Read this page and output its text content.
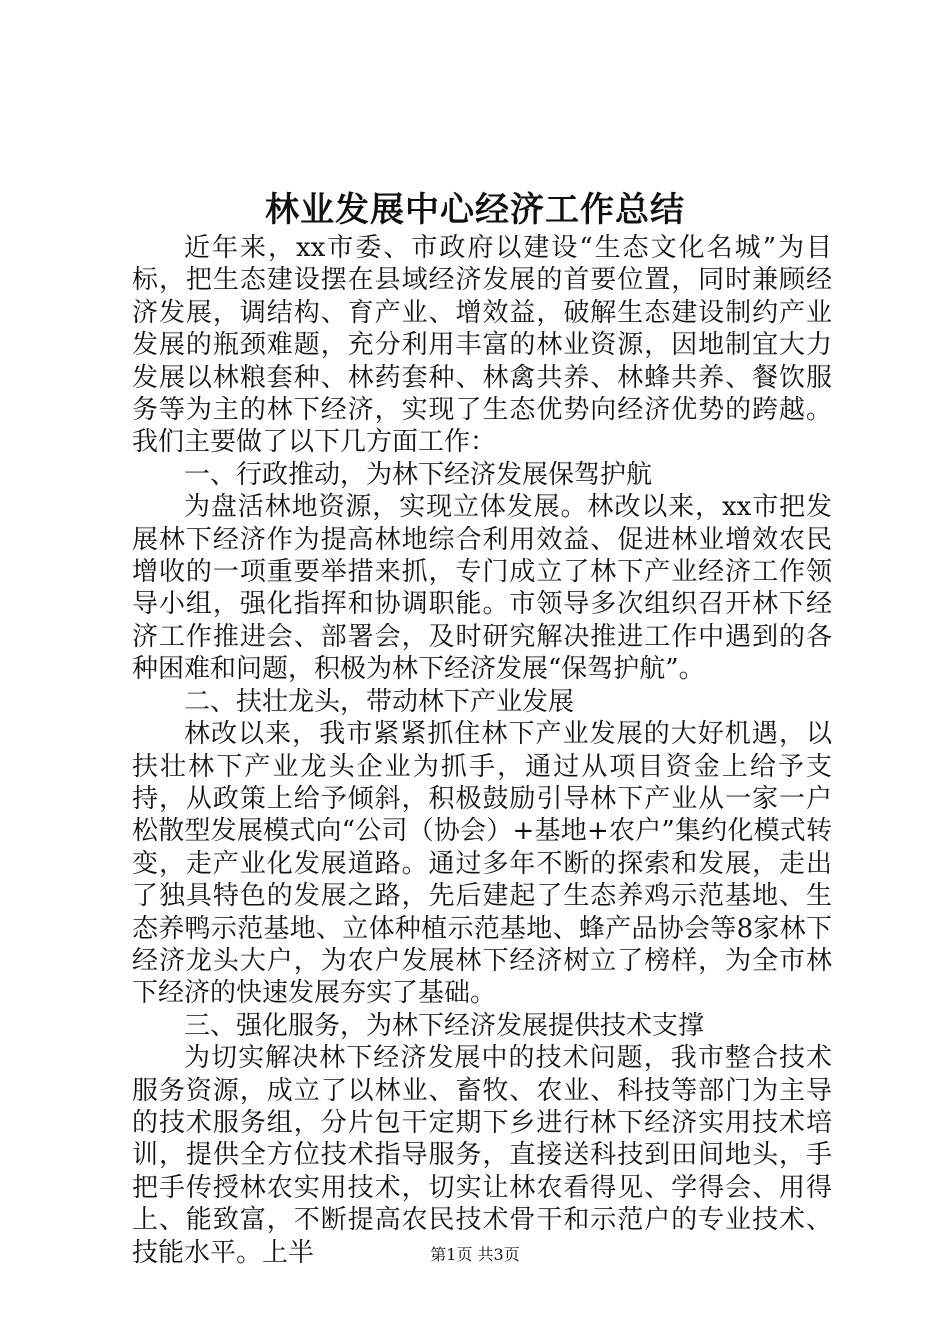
林业发展中心经济工作总结

近年来，xx市委、市政府以建设“生态文化名城”为目标，把生态建设摆在县域经济发展的首要位置，同时兼顾经济发展，调结构、育产业、增效益，破解生态建设制约产业发展的瓶颈难题，充分利用丰富的林业资源，因地制宜大力发展以林粮套种、林药套种、林禽共养、林蜂共养、餐饮服务等为主的林下经济，实现了生态优势向经济优势的跨越。我们主要做了以下几方面工作：

一、行政推动，为林下经济发展保驾护航

为盘活林地资源，实现立体发展。林改以来，xx市把发展林下经济作为提高林地综合利用效益、促进林业增效农民增收的一项重要举措来抓，专门成立了林下产业经济工作领导小组，强化指挥和协调职能。市领导多次组织召开林下经济工作推进会、部署会，及时研究解决推进工作中遇到的各种困难和问题，积极为林下经济发展“保驾护航”。

二、扶壮龙头，带动林下产业发展

林改以来，我市紧紧抓住林下产业发展的大好机遇，以扶壮林下产业龙头企业为抓手，通过从项目资金上给予支持，从政策上给予倾斜，积极鼓励引导林下产业从一家一户松散型发展模式向“公司（协会）+基地+农户”集约化模式转变，走产业化发展道路。通过多年不断的探索和发展，走出了独具特色的发展之路，先后建起了生态养鸡示范基地、生态养鸭示范基地、立体种植示范基地、蜂产品协会等8家林下经济龙头大户，为农户发展林下经济树立了榜样，为全市林下经济的快速发展夯实了基础。

三、强化服务，为林下经济发展提供技术支撑

为切实解决林下经济发展中的技术问题，我市整合技术服务资源，成立了以林业、畜牧、农业、科技等部门为主导的技术服务组，分片包干定期下乡进行林下经济实用技术培训，提供全方位技术指导服务，直接送科技到田间地头，手把手传授林农实用技术，切实让林农看得见、学得会、用得上、能致富，不断提高农民技术骨干和示范户的专业技术、技能水平。上半	第1页 共3页
